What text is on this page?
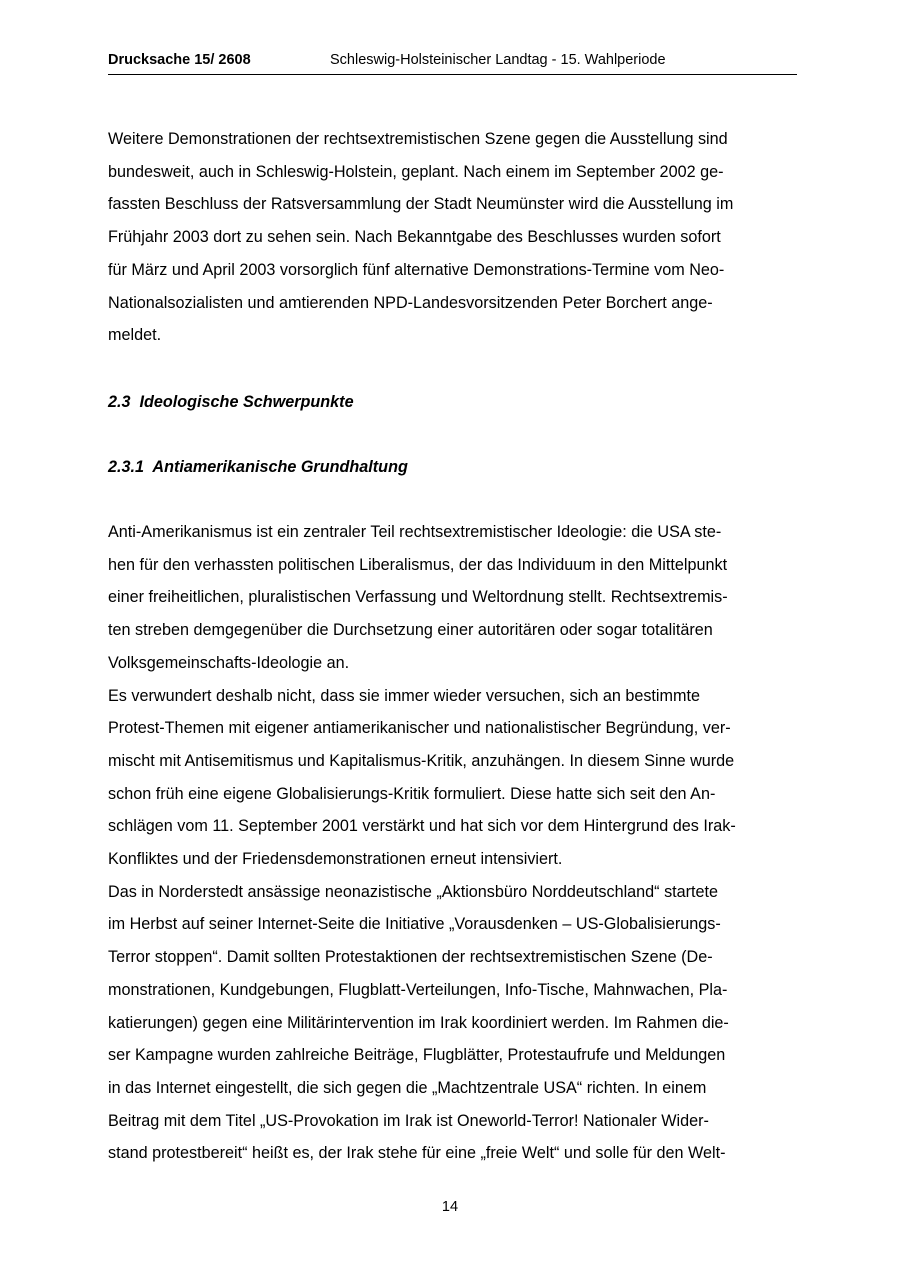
Drucksache 15/ 2608	Schleswig-Holsteinischer Landtag - 15. Wahlperiode
Weitere Demonstrationen der rechtsextremistischen Szene gegen die Ausstellung sind
bundesweit, auch in Schleswig-Holstein, geplant. Nach einem im September 2002 ge-
fassten Beschluss der Ratsversammlung der Stadt Neumünster wird die Ausstellung im
Frühjahr 2003 dort zu sehen sein. Nach Bekanntgabe des Beschlusses wurden sofort
für März und April 2003 vorsorglich fünf alternative Demonstrations-Termine vom Neo-
Nationalsozialisten und amtierenden NPD-Landesvorsitzenden Peter Borchert ange-
meldet.
2.3  Ideologische Schwerpunkte
2.3.1  Antiamerikanische Grundhaltung
Anti-Amerikanismus ist ein zentraler Teil rechtsextremistischer Ideologie: die USA ste-
hen für den verhassten politischen Liberalismus, der das Individuum in den Mittelpunkt
einer freiheitlichen, pluralistischen Verfassung und Weltordnung stellt. Rechtsextremis-
ten streben demgegenüber die Durchsetzung einer autoritären oder sogar totalitären
Volksgemeinschafts-Ideologie an.
Es verwundert deshalb nicht, dass sie immer wieder versuchen, sich an bestimmte
Protest-Themen mit eigener antiamerikanischer und nationalistischer Begründung, ver-
mischt mit Antisemitismus und Kapitalismus-Kritik, anzuhängen. In diesem Sinne wurde
schon früh eine eigene Globalisierungs-Kritik formuliert. Diese hatte sich seit den An-
schlägen vom 11. September 2001 verstärkt und hat sich vor dem Hintergrund des Irak-
Konfliktes und der Friedensdemonstrationen erneut intensiviert.
Das in Norderstedt ansässige neonazistische „Aktionsbüro Norddeutschland“ startete
im Herbst auf seiner Internet-Seite die Initiative „Vorausdenken – US-Globalisierungs-
Terror stoppen“. Damit sollten Protestaktionen der rechtsextremistischen Szene (De-
monstrationen, Kundgebungen, Flugblatt-Verteilungen, Info-Tische, Mahnwachen, Pla-
katierungen) gegen eine Militärintervention im Irak koordiniert werden. Im Rahmen die-
ser Kampagne wurden zahlreiche Beiträge, Flugblätter, Protestaufrufe und Meldungen
in das Internet eingestellt, die sich gegen die „Machtzentrale USA“ richten. In einem
Beitrag mit dem Titel „US-Provokation im Irak ist Oneworld-Terror! Nationaler Wider-
stand protestbereit“ heißt es, der Irak stehe für eine „freie Welt“ und solle für den Welt-
14
